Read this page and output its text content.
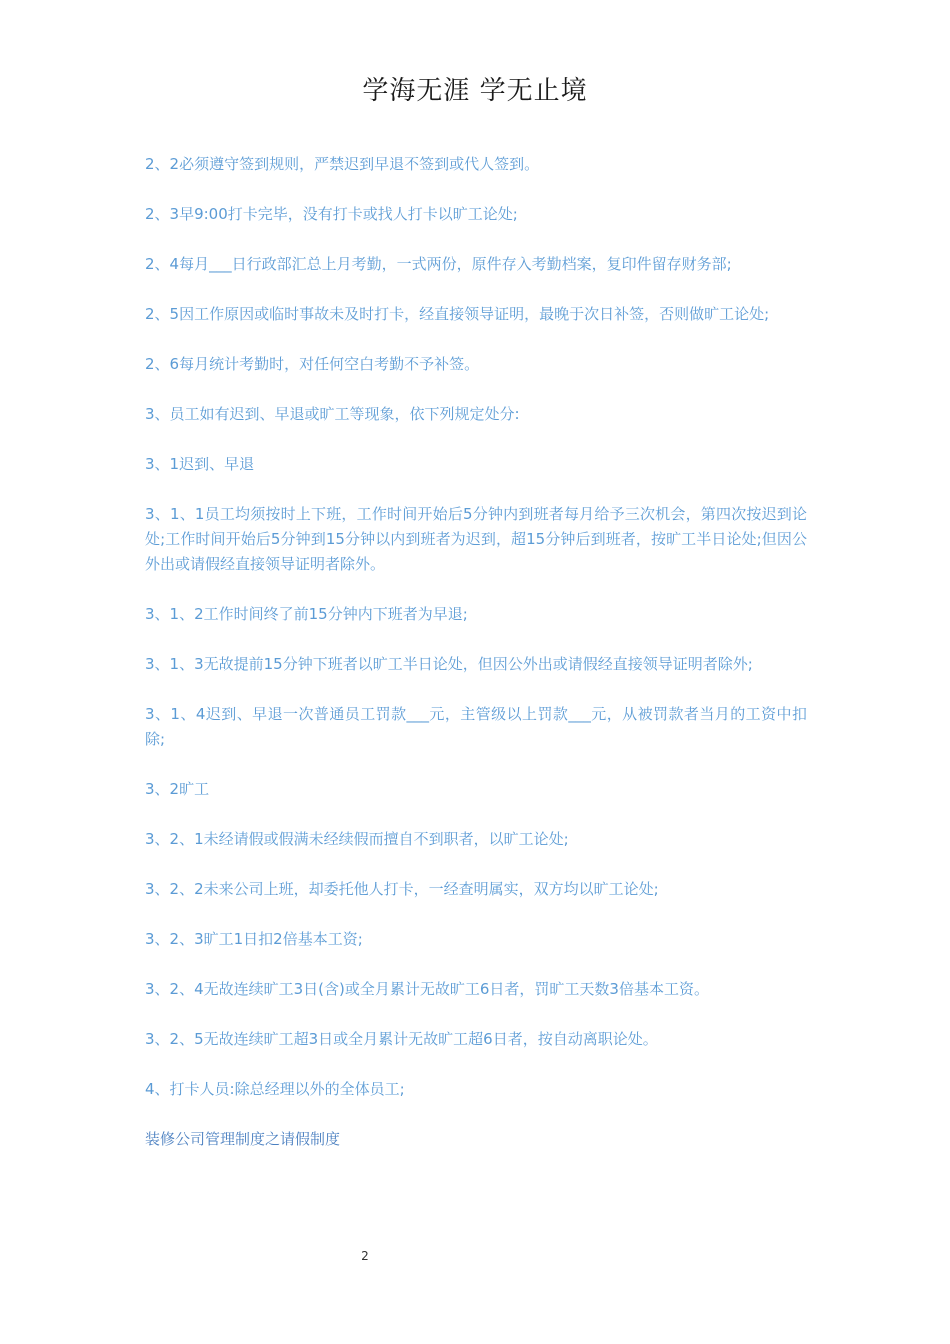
学海无涯 学无止境

2、2必须遵守签到规则，严禁迟到早退不签到或代人签到。

2、3早9:00打卡完毕，没有打卡或找人打卡以旷工论处;

2、4每月___日行政部汇总上月考勤，一式两份，原件存入考勤档案，复印件留存财务部;

2、5因工作原因或临时事故未及时打卡，经直接领导证明，最晚于次日补签，否则做旷工论处;

2、6每月统计考勤时，对任何空白考勤不予补签。

3、员工如有迟到、早退或旷工等现象，依下列规定处分:

3、1迟到、早退

3、1、1员工均须按时上下班，工作时间开始后5分钟内到班者每月给予三次机会，第四次按迟到论处;工作时间开始后5分钟到15分钟以内到班者为迟到，超15分钟后到班者，按旷工半日论处;但因公外出或请假经直接领导证明者除外。

3、1、2工作时间终了前15分钟内下班者为早退;

3、1、3无故提前15分钟下班者以旷工半日论处，但因公外出或请假经直接领导证明者除外;

3、1、4迟到、早退一次普通员工罚款___元，主管级以上罚款___元，从被罚款者当月的工资中扣除;

3、2旷工

3、2、1未经请假或假满未经续假而擅自不到职者，以旷工论处;

3、2、2未来公司上班，却委托他人打卡，一经查明属实，双方均以旷工论处;

3、2、3旷工1日扣2倍基本工资;

3、2、4无故连续旷工3日(含)或全月累计无故旷工6日者，罚旷工天数3倍基本工资。

3、2、5无故连续旷工超3日或全月累计无故旷工超6日者，按自动离职论处。

4、打卡人员:除总经理以外的全体员工;

装修公司管理制度之请假制度

2
